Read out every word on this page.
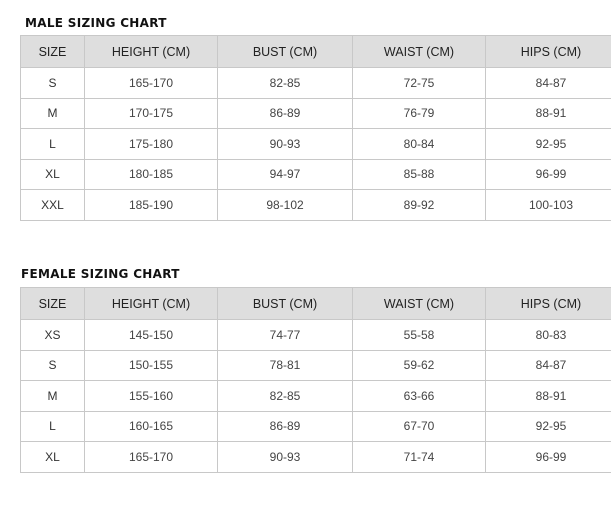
MALE SIZING CHART
SIZE	HEIGHT (CM)	BUST (CM)	WAIST (CM)	HIPS (CM)
S	165-170	82-85	72-75	84-87
M	170-175	86-89	76-79	88-91
L	175-180	90-93	80-84	92-95
XL	180-185	94-97	85-88	96-99
XXL	185-190	98-102	89-92	100-103
FEMALE SIZING CHART
SIZE	HEIGHT (CM)	BUST (CM)	WAIST (CM)	HIPS (CM)
XS	145-150	74-77	55-58	80-83
S	150-155	78-81	59-62	84-87
M	155-160	82-85	63-66	88-91
L	160-165	86-89	67-70	92-95
XL	165-170	90-93	71-74	96-99
